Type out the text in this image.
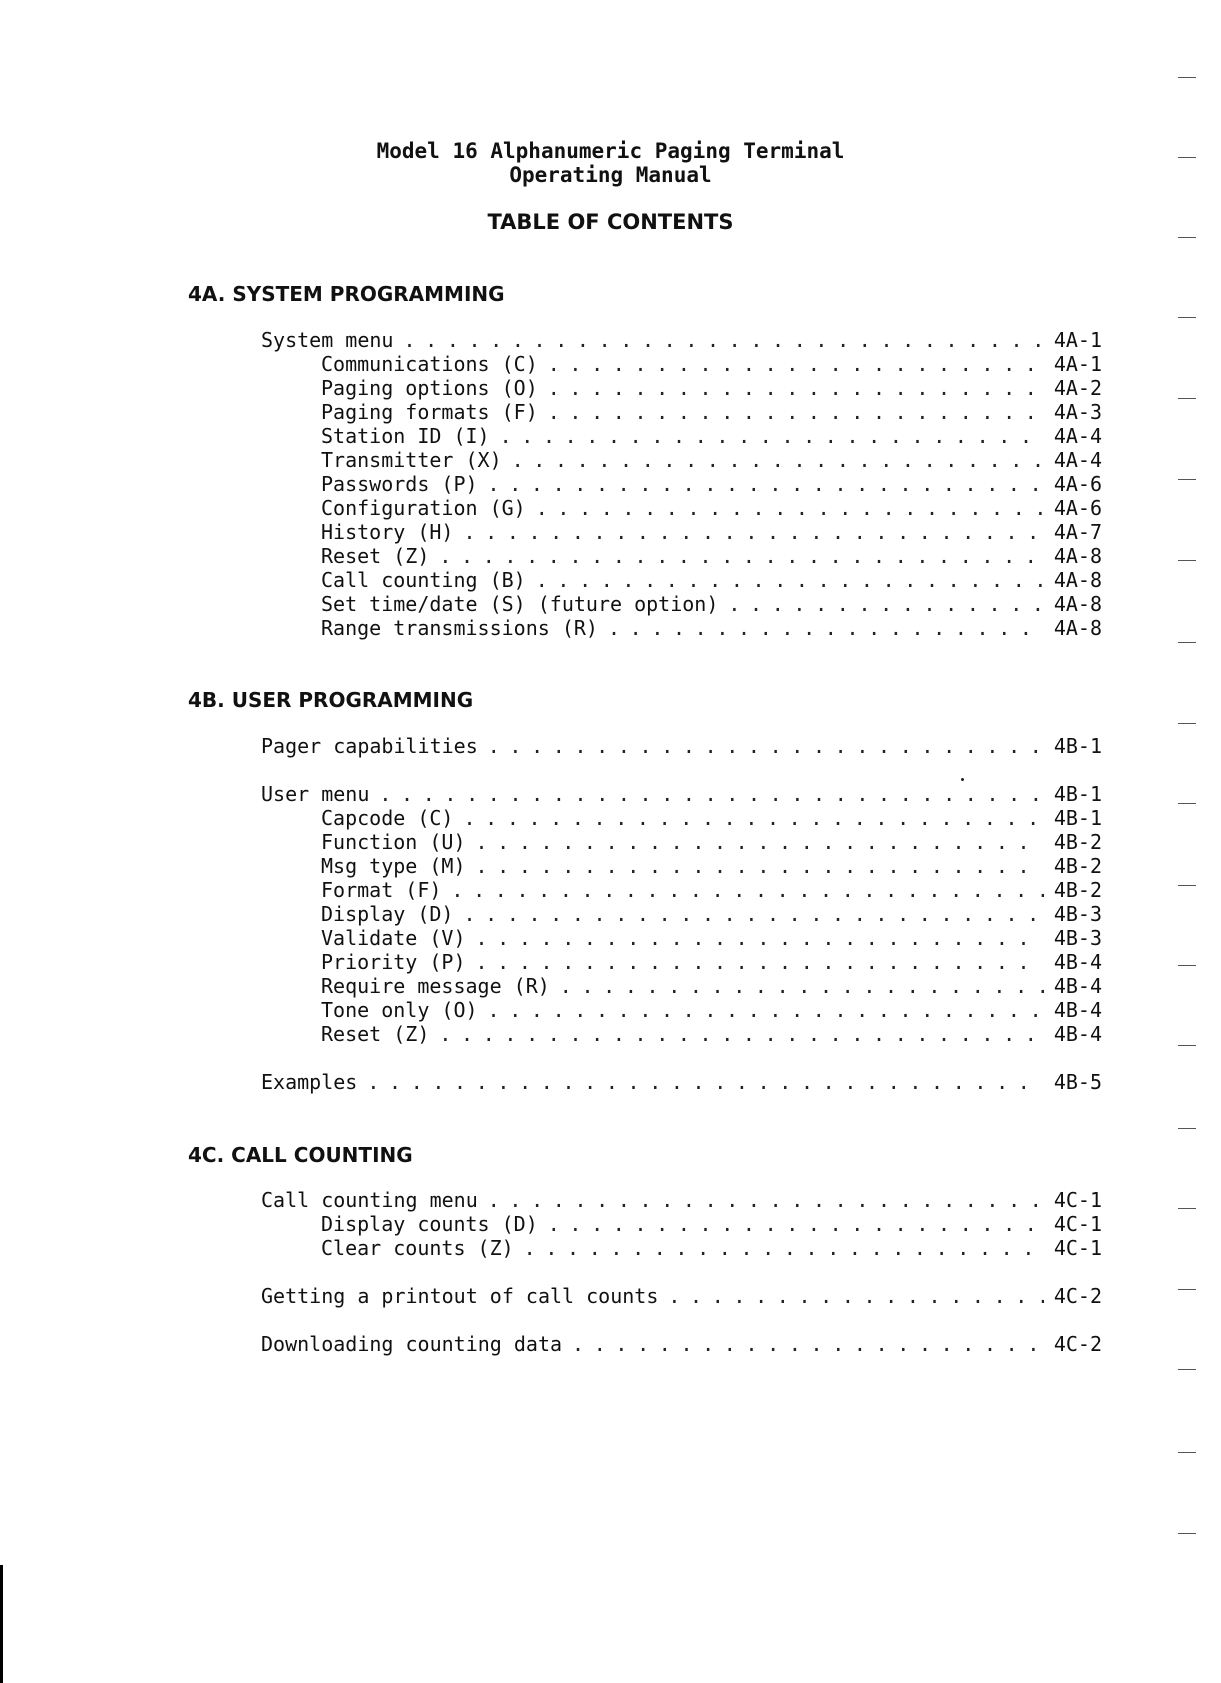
Model 16 Alphanumeric Paging Terminal
Operating Manual
TABLE OF CONTENTS
4A. SYSTEM PROGRAMMING
System menu . . .	4A-1
Communications (C) . . .	4A-1
Paging options (O) . . .	4A-2
Paging formats (F) . . .	4A-3
Station ID (I) . . .	4A-4
Transmitter (X) . . .	4A-4
Passwords (P) . . .	4A-6
Configuration (G) . . .	4A-6
History (H) . . .	4A-7
Reset (Z) . . .	4A-8
Call counting (B) . . .	4A-8
Set time/date (S) (future option) . . .	4A-8
Range transmissions (R) . . .	4A-8
4B. USER PROGRAMMING
Pager capabilities . . .	4B-1
User menu . . .	4B-1
Capcode (C) . . .	4B-1
Function (U) . . .	4B-2
Msg type (M) . . .	4B-2
Format (F) . . .	4B-2
Display (D) . . .	4B-3
Validate (V) . . .	4B-3
Priority (P) . . .	4B-4
Require message (R) . . .	4B-4
Tone only (O) . . .	4B-4
Reset (Z) . . .	4B-4
Examples . . .	4B-5
4C. CALL COUNTING
Call counting menu . . .	4C-1
Display counts (D) . . .	4C-1
Clear counts (Z) . . .	4C-1
Getting a printout of call counts . . .	4C-2
Downloading counting data . . .	4C-2
